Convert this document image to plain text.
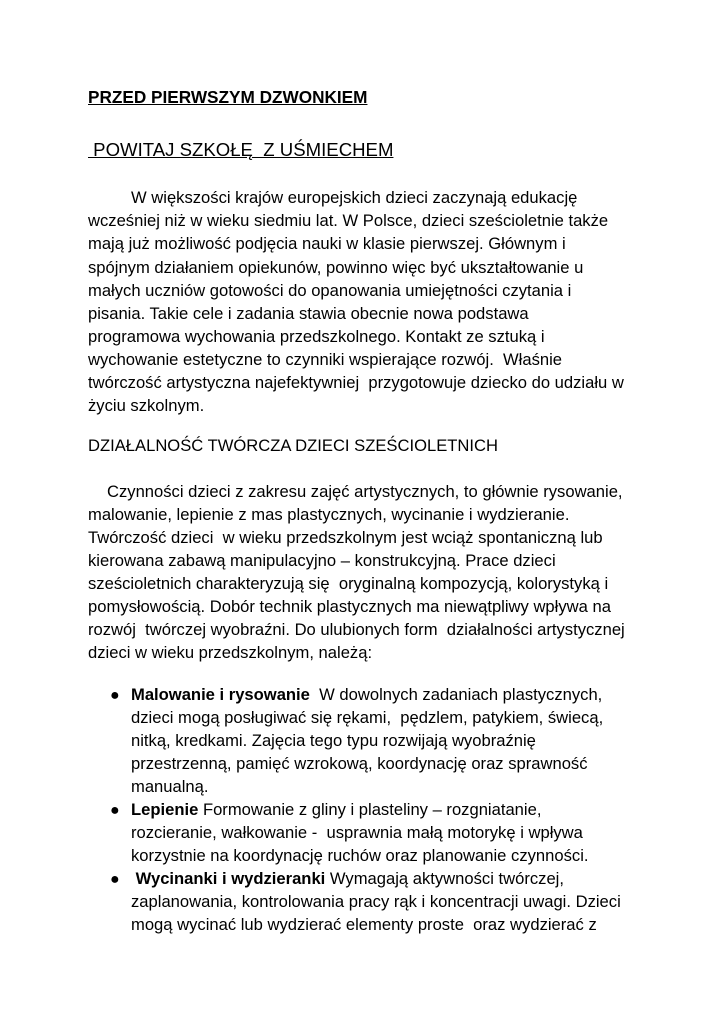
PRZED PIERWSZYM DZWONKIEM
POWITAJ SZKOŁĘ  Z UŚMIECHEM
W większości krajów europejskich dzieci zaczynają edukację
wcześniej niż w wieku siedmiu lat. W Polsce, dzieci sześcioletnie także
mają już możliwość podjęcia nauki w klasie pierwszej. Głównym i
spójnym działaniem opiekunów, powinno więc być ukształtowanie u
małych uczniów gotowości do opanowania umiejętności czytania i
pisania. Takie cele i zadania stawia obecnie nowa podstawa
programowa wychowania przedszkolnego. Kontakt ze sztuką i
wychowanie estetyczne to czynniki wspierające rozwój.  Właśnie
twórczość artystyczna najefektywniej  przygotowuje dziecko do udziału w
życiu szkolnym.
DZIAŁALNOŚĆ TWÓRCZA DZIECI SZEŚCIOLETNICH
Czynności dzieci z zakresu zajęć artystycznych, to głównie rysowanie,
malowanie, lepienie z mas plastycznych, wycinanie i wydzieranie.
Twórczość dzieci  w wieku przedszkolnym jest wciąż spontaniczną lub
kierowana zabawą manipulacyjno – konstrukcyjną. Prace dzieci
sześcioletnich charakteryzują się  oryginalną kompozycją, kolorystyką i
pomysłowością. Dobór technik plastycznych ma niewątpliwy wpływa na
rozwój  twórczej wyobraźni. Do ulubionych form  działalności artystycznej
dzieci w wieku przedszkolnym, należą:
● Malowanie i rysowanie  W dowolnych zadaniach plastycznych,
dzieci mogą posługiwać się rękami,  pędzlem, patykiem, świecą,
nitką, kredkami. Zajęcia tego typu rozwijają wyobraźnię
przestrzenną, pamięć wzrokową, koordynację oraz sprawność
manualną.
● Lepienie Formowanie z gliny i plasteliny – rozgniatanie,
rozcieranie, wałkowanie -  usprawnia małą motorykę i wpływa
korzystnie na koordynację ruchów oraz planowanie czynności.
● Wycinanki i wydzieranki Wymagają aktywności twórczej,
zaplanowania, kontrolowania pracy rąk i koncentracji uwagi. Dzieci
mogą wycinać lub wydzierać elementy proste  oraz wydzierać z
